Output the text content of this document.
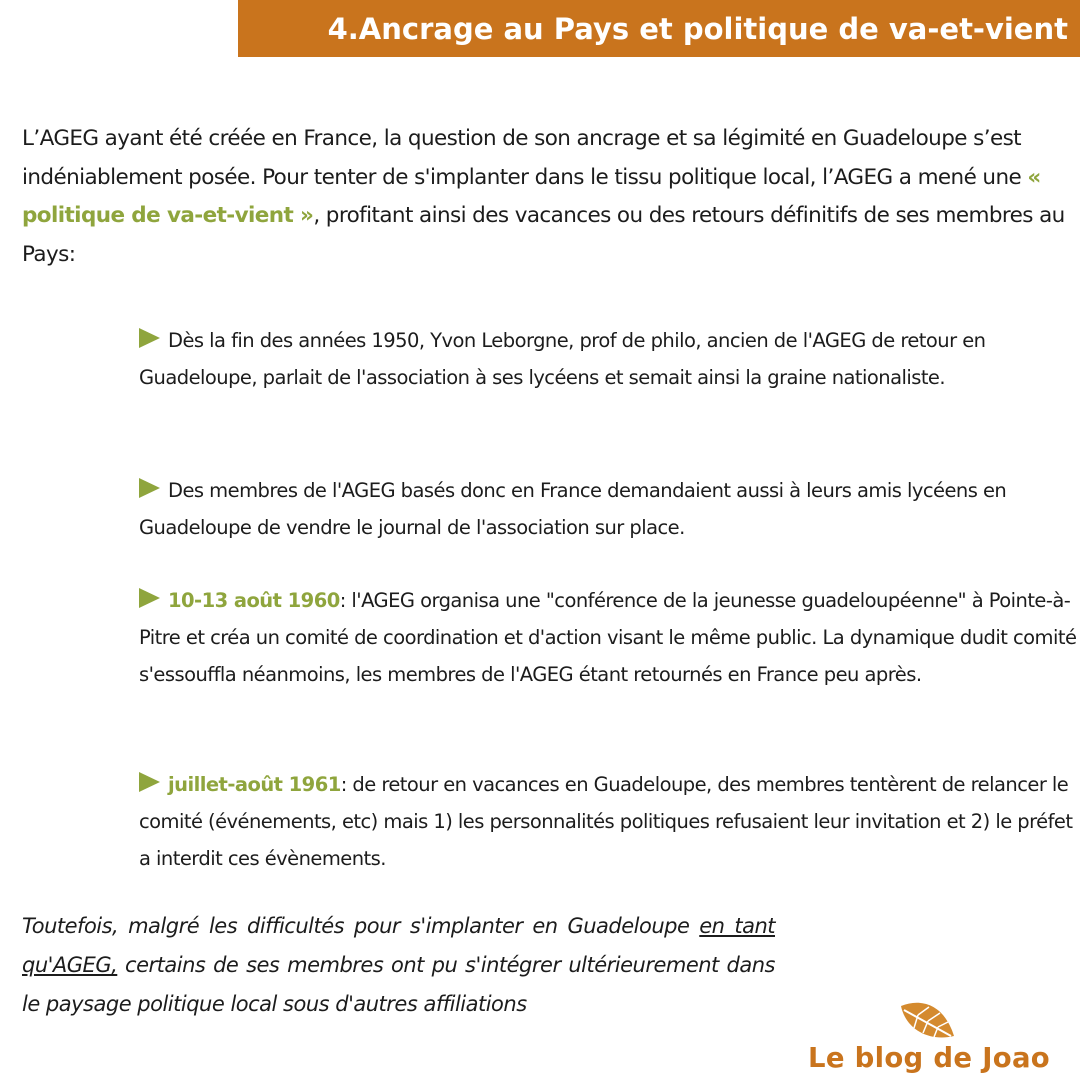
4.Ancrage au Pays et politique de va-et-vient

L’AGEG ayant été créée en France, la question de son ancrage et sa légimité en Guadeloupe s’est indéniablement posée. Pour tenter de s'implanter dans le tissu politique local, l’AGEG a mené une « politique de va-et-vient », profitant ainsi des vacances ou des retours définitifs de ses membres au Pays:

Dès la fin des années 1950, Yvon Leborgne, prof de philo, ancien de l'AGEG de retour en Guadeloupe, parlait de l'association à ses lycéens et semait ainsi la graine nationaliste.

Des membres de l'AGEG basés donc en France demandaient aussi à leurs amis lycéens en Guadeloupe de vendre le journal de l'association sur place.

10-13 août 1960: l'AGEG organisa une "conférence de la jeunesse guadeloupéenne" à Pointe-à-Pitre et créa un comité de coordination et d'action visant le même public. La dynamique dudit comité s'essouffla néanmoins, les membres de l'AGEG étant retournés en France peu après.

juillet-août 1961: de retour en vacances en Guadeloupe, des membres tentèrent de relancer le comité (événements, etc) mais 1) les personnalités politiques refusaient leur invitation et 2) le préfet a interdit ces évènements.

Toutefois, malgré les difficultés pour s'implanter en Guadeloupe en tant qu'AGEG, certains de ses membres ont pu s'intégrer ultérieurement dans le paysage politique local sous d'autres affiliations

Le blog de Joao
